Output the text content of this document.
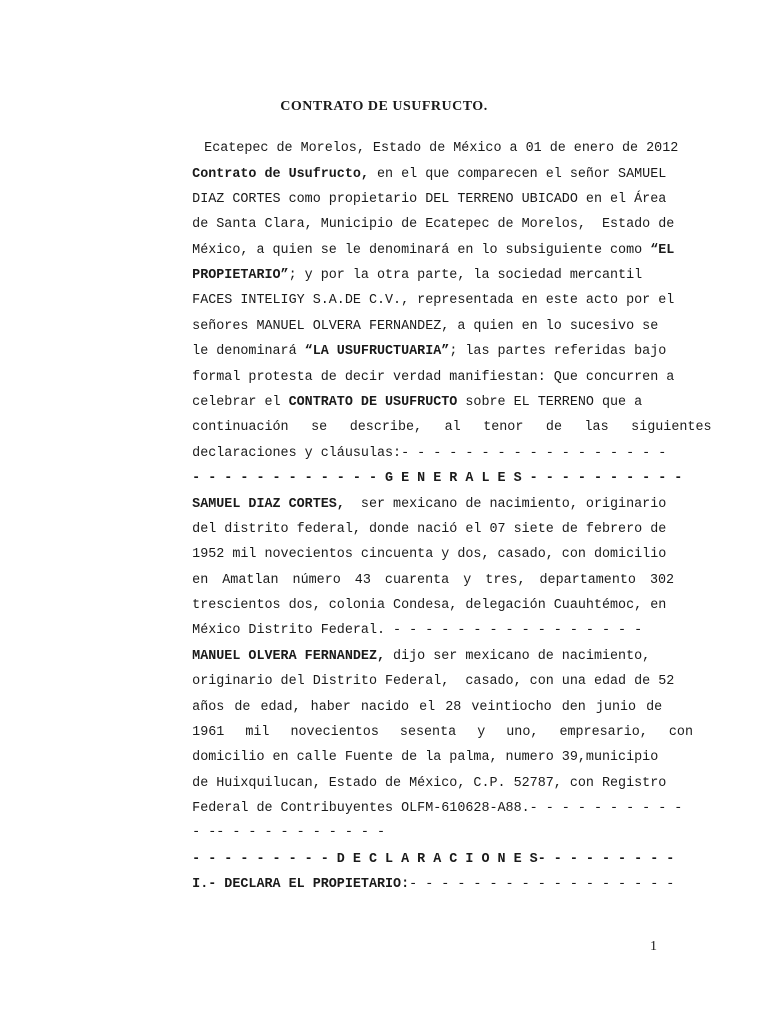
CONTRATO DE USUFRUCTO.

Ecatepec de Morelos, Estado de México a 01 de enero de 2012

Contrato de Usufructo, en el que comparecen el señor SAMUEL

DIAZ CORTES como propietario DEL TERRENO UBICADO en el Área

de Santa Clara, Municipio de Ecatepec de Morelos,  Estado de

México, a quien se le denominará en lo subsiguiente como “EL

PROPIETARIO”; y por la otra parte, la sociedad mercantil

FACES INTELIGY S.A.DE C.V., representada en este acto por el

señores MANUEL OLVERA FERNANDEZ, a quien en lo sucesivo se

le denominará “LA USUFRUCTUARIA”; las partes referidas bajo

formal protesta de decir verdad manifiestan: Que concurren a

celebrar el CONTRATO DE USUFRUCTO sobre EL TERRENO que a

continuación se describe, al tenor de las siguientes

declaraciones y cláusulas:- - - - - - - - - - - - - - - - -

- - - - - - - - - - - - G E N E R A L E S - - - - - - - - - -

SAMUEL DIAZ CORTES,  ser mexicano de nacimiento, originario

del distrito federal, donde nació el 07 siete de febrero de

1952 mil novecientos cincuenta y dos, casado, con domicilio

en Amatlan número 43 cuarenta y tres, departamento 302

trescientos dos, colonia Condesa, delegación Cuauhtémoc, en

México Distrito Federal. - - - - - - - - - - - - - - - -

MANUEL OLVERA FERNANDEZ, dijo ser mexicano de nacimiento,

originario del Distrito Federal,  casado, con una edad de 52

años de edad, haber nacido el 28 veintiocho den junio de

1961 mil novecientos sesenta y uno, empresario, con

domicilio en calle Fuente de la palma, numero 39,municipio

de Huixquilucan, Estado de México, C.P. 52787, con Registro

Federal de Contribuyentes OLFM-610628-A88.- - - - - - - - - -

- -- - - - - - - - - - -

- - - - - - - - - D E C L A R A C I O N E S- - - - - - - - -

I.- DECLARA EL PROPIETARIO:- - - - - - - - - - - - - - - - -

1
